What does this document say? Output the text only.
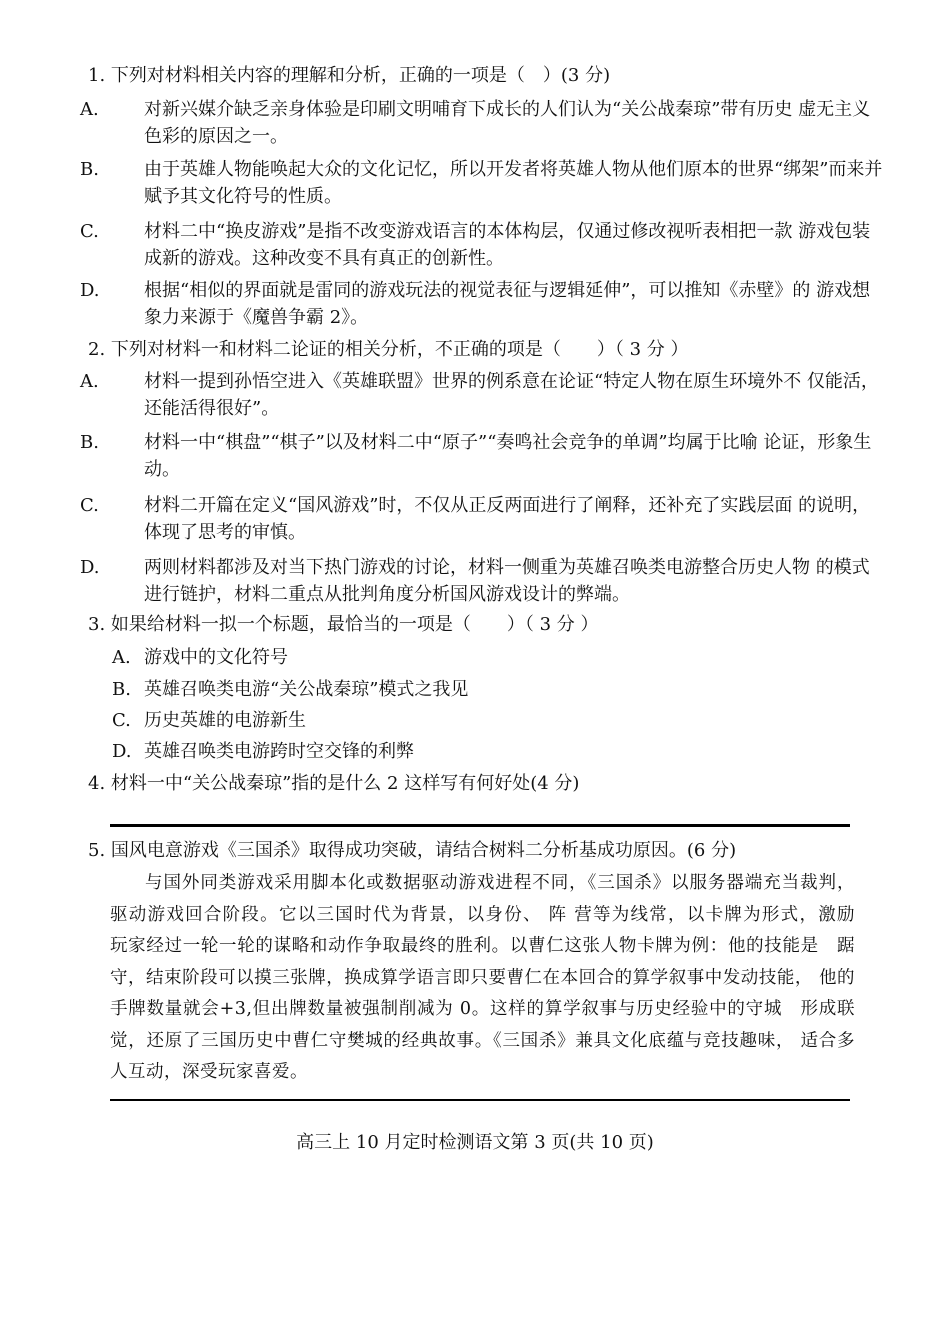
1. 下列对材料相关内容的理解和分析，正确的一项是（　）(3 分)
A.	对新兴媒介缺乏亲身体验是印刷文明哺育下成长的人们认为“关公战秦琼”带有历史 虚无主义色彩的原因之一。
B.	由于英雄人物能唤起大众的文化记忆，所以开发者将英雄人物从他们原本的世界“绑架”而来并赋予其文化符号的性质。
C.	材料二中“换皮游戏”是指不改变游戏语言的本体构层，仅通过修改视听表相把一款 游戏包装成新的游戏。这种改变不具有真正的创新性。
D. 根据“相似的界面就是雷同的游戏玩法的视觉表征与逻辑延伸”，可以推知《赤壁》的 游戏想象力来源于《魔兽争霸 2》。
2. 下列对材料一和材料二论证的相关分析，不正确的项是（　　）（ 3 分 ）
A.	材料一提到孙悟空进入《英雄联盟》世界的例系意在论证“特定人物在原生环境外不 仅能活，还能活得很好”。
B.	材料一中“棋盘”“棋子”以及材料二中“原子”“奏鸣社会竞争的单调”均属于比喻 论证，形象生动。
C.	材料二开篇在定义“国风游戏”时，不仅从正反两面进行了阐释，还补充了实践层面 的说明，体现了思考的审慎。
D. 两则材料都涉及对当下热门游戏的讨论，材料一侧重为英雄召唤类电游整合历史人物 的模式进行链护，材料二重点从批判角度分析国风游戏设计的弊端。
3. 如果给材料一拟一个标题，最恰当的一项是（　　）（ 3 分 ）
A. 游戏中的文化符号
B. 英雄召唤类电游“关公战秦琼”模式之我见
C. 历史英雄的电游新生
D. 英雄召唤类电游跨时空交锋的利弊
4. 材料一中“关公战秦琼”指的是什么 2 这样写有何好处(4 分)
5. 国风电意游戏《三国杀》取得成功突破，请结合树料二分析基成功原因。(6 分)
与国外同类游戏采用脚本化或数据驱动游戏进程不同，《三国杀》以服务器端充当裁判， 驱动游戏回合阶段。它以三国时代为背景，以身份、 阵 营等为线常，以卡牌为形式，激励　玩家经过一轮一轮的谋略和动作争取最终的胜利。以曹仁这张人物卡牌为例：他的技能是　踞守，结束阶段可以摸三张牌，换成算学语言即只要曹仁在本回合的算学叙事中发动技能， 他的手牌数量就会+3,但出牌数量被强制削减为 0。这样的算学叙事与历史经验中的守城　形成联觉，还原了三国历史中曹仁守樊城的经典故事。《三国杀》兼具文化底蕴与竞技趣味， 适合多人互动，深受玩家喜爱。
高三上 10 月定时检测语文第 3 页(共 10 页)
